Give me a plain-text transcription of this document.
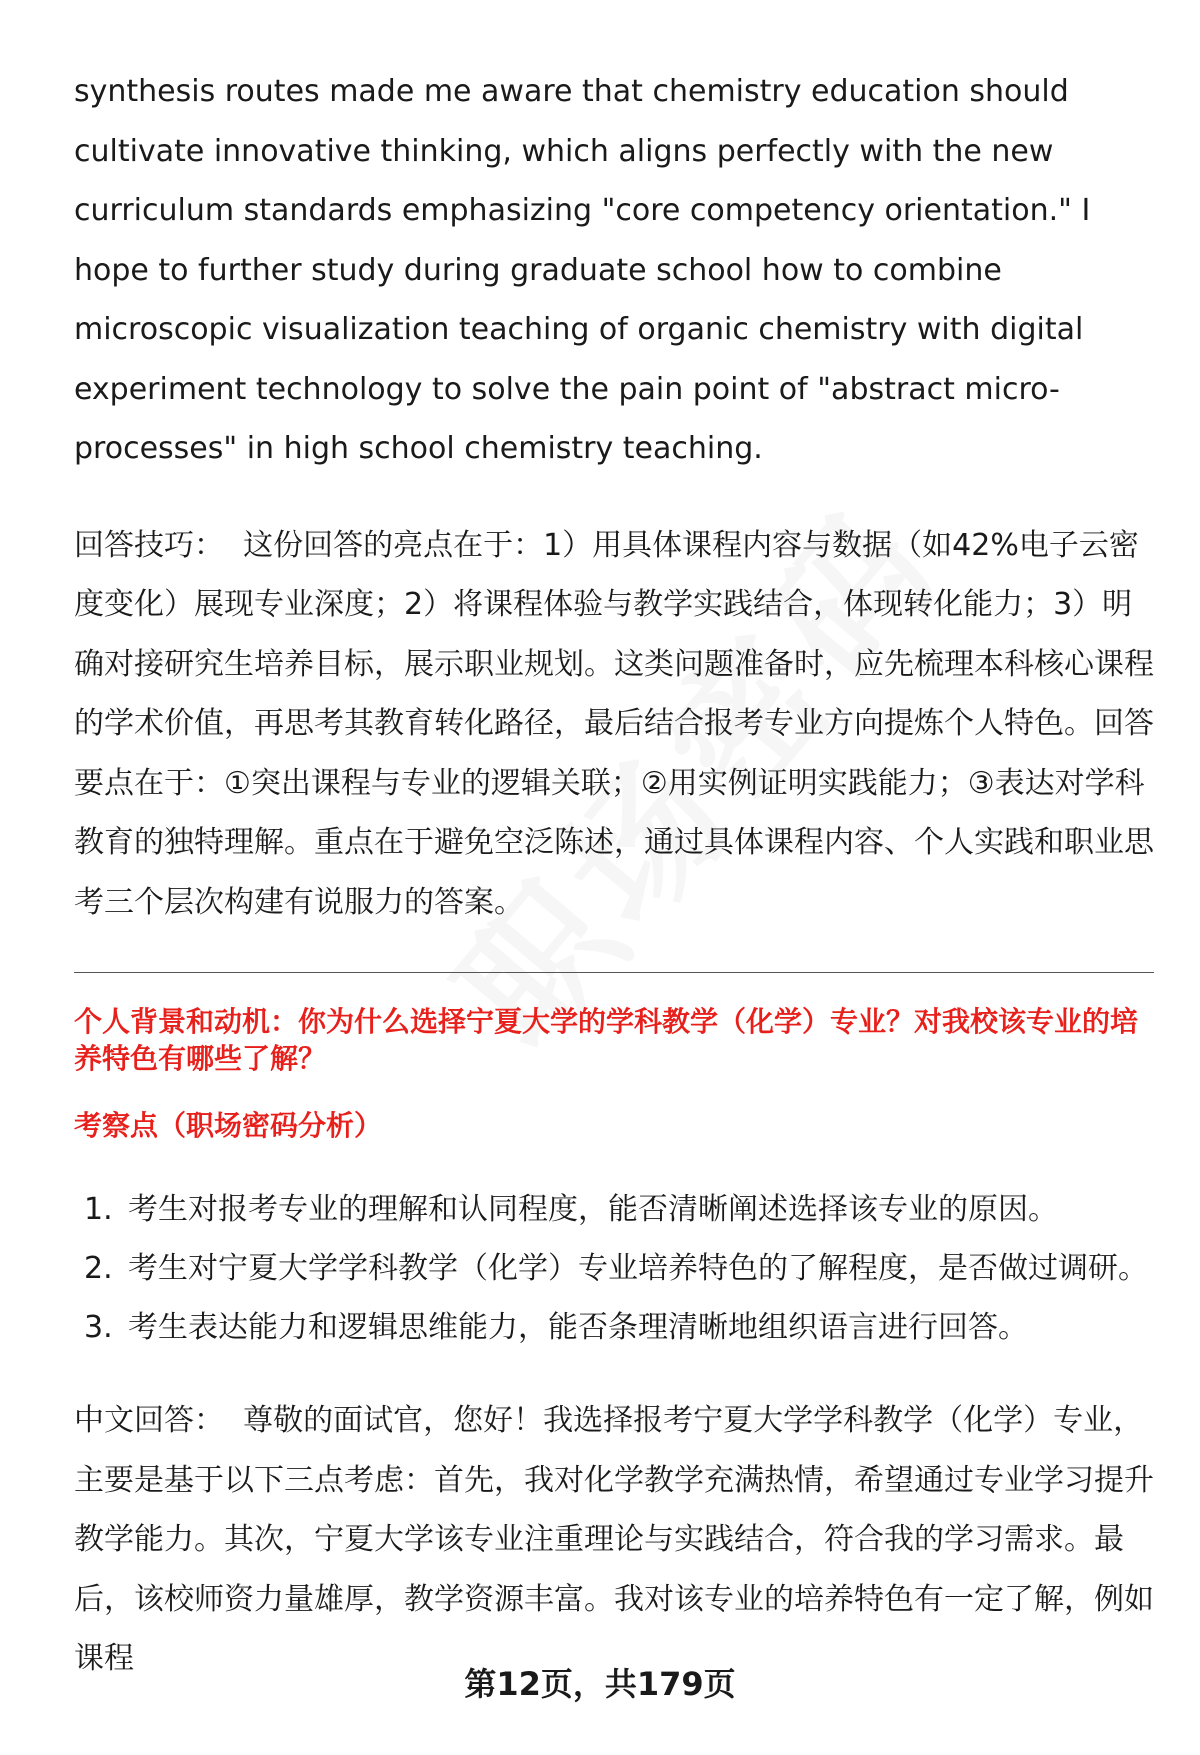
synthesis routes made me aware that chemistry education should cultivate innovative thinking, which aligns perfectly with the new curriculum standards emphasizing "core competency orientation." I hope to further study during graduate school how to combine microscopic visualization teaching of organic chemistry with digital experiment technology to solve the pain point of "abstract micro-processes" in high school chemistry teaching.

回答技巧： 这份回答的亮点在于：1）用具体课程内容与数据（如42%电子云密度变化）展现专业深度；2）将课程体验与教学实践结合，体现转化能力；3）明确对接研究生培养目标，展示职业规划。这类问题准备时，应先梳理本科核心课程的学术价值，再思考其教育转化路径，最后结合报考专业方向提炼个人特色。回答要点在于：①突出课程与专业的逻辑关联；②用实例证明实践能力；③表达对学科教育的独特理解。重点在于避免空泛陈述，通过具体课程内容、个人实践和职业思考三个层次构建有说服力的答案。

个人背景和动机：你为什么选择宁夏大学的学科教学（化学）专业？对我校该专业的培养特色有哪些了解？

考察点（职场密码分析）

1. 考生对报考专业的理解和认同程度，能否清晰阐述选择该专业的原因。
2. 考生对宁夏大学学科教学（化学）专业培养特色的了解程度，是否做过调研。
3. 考生表达能力和逻辑思维能力，能否条理清晰地组织语言进行回答。

中文回答： 尊敬的面试官，您好！我选择报考宁夏大学学科教学（化学）专业，主要是基于以下三点考虑：首先，我对化学教学充满热情，希望通过专业学习提升教学能力。其次，宁夏大学该专业注重理论与实践结合，符合我的学习需求。最后，该校师资力量雄厚，教学资源丰富。我对该专业的培养特色有一定了解，例如课程

第12页，共179页
